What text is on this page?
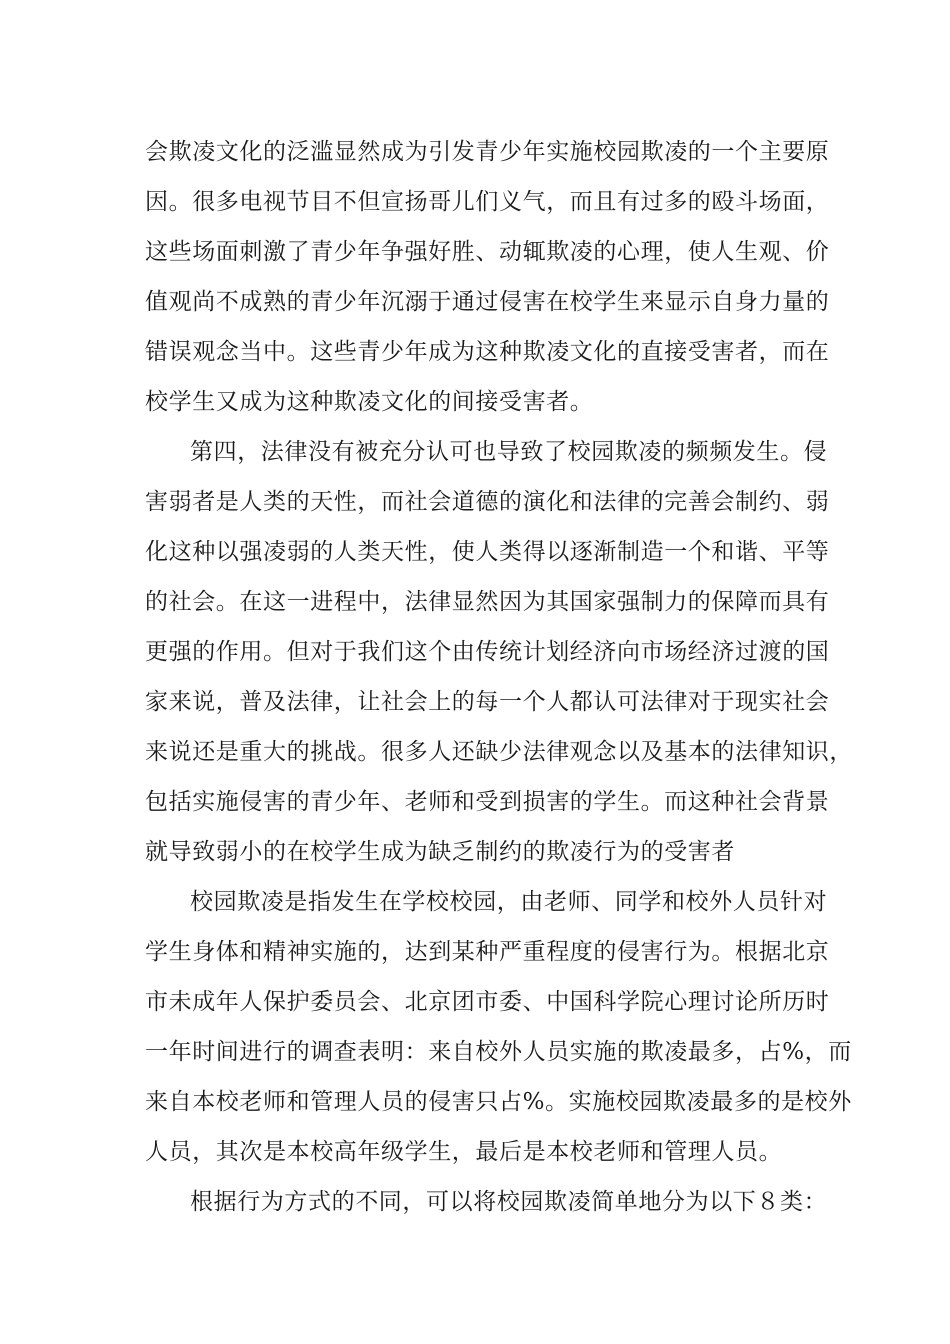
会欺凌文化的泛滥显然成为引发青少年实施校园欺凌的一个主要原
因。很多电视节目不但宣扬哥儿们义气，而且有过多的殴斗场面，
这些场面刺激了青少年争强好胜、动辄欺凌的心理，使人生观、价
值观尚不成熟的青少年沉溺于通过侵害在校学生来显示自身力量的
错误观念当中。这些青少年成为这种欺凌文化的直接受害者，而在
校学生又成为这种欺凌文化的间接受害者。
第四，法律没有被充分认可也导致了校园欺凌的频频发生。侵
害弱者是人类的天性，而社会道德的演化和法律的完善会制约、弱
化这种以强凌弱的人类天性，使人类得以逐渐制造一个和谐、平等
的社会。在这一进程中，法律显然因为其国家强制力的保障而具有
更强的作用。但对于我们这个由传统计划经济向市场经济过渡的国
家来说，普及法律，让社会上的每一个人都认可法律对于现实社会
来说还是重大的挑战。很多人还缺少法律观念以及基本的法律知识，
包括实施侵害的青少年、老师和受到损害的学生。而这种社会背景
就导致弱小的在校学生成为缺乏制约的欺凌行为的受害者
校园欺凌是指发生在学校校园，由老师、同学和校外人员针对
学生身体和精神实施的，达到某种严重程度的侵害行为。根据北京
市未成年人保护委员会、北京团市委、中国科学院心理讨论所历时
一年时间进行的调查表明：来自校外人员实施的欺凌最多，占%，而
来自本校老师和管理人员的侵害只占%。实施校园欺凌最多的是校外
人员，其次是本校高年级学生，最后是本校老师和管理人员。
根据行为方式的不同，可以将校园欺凌简单地分为以下８类：
